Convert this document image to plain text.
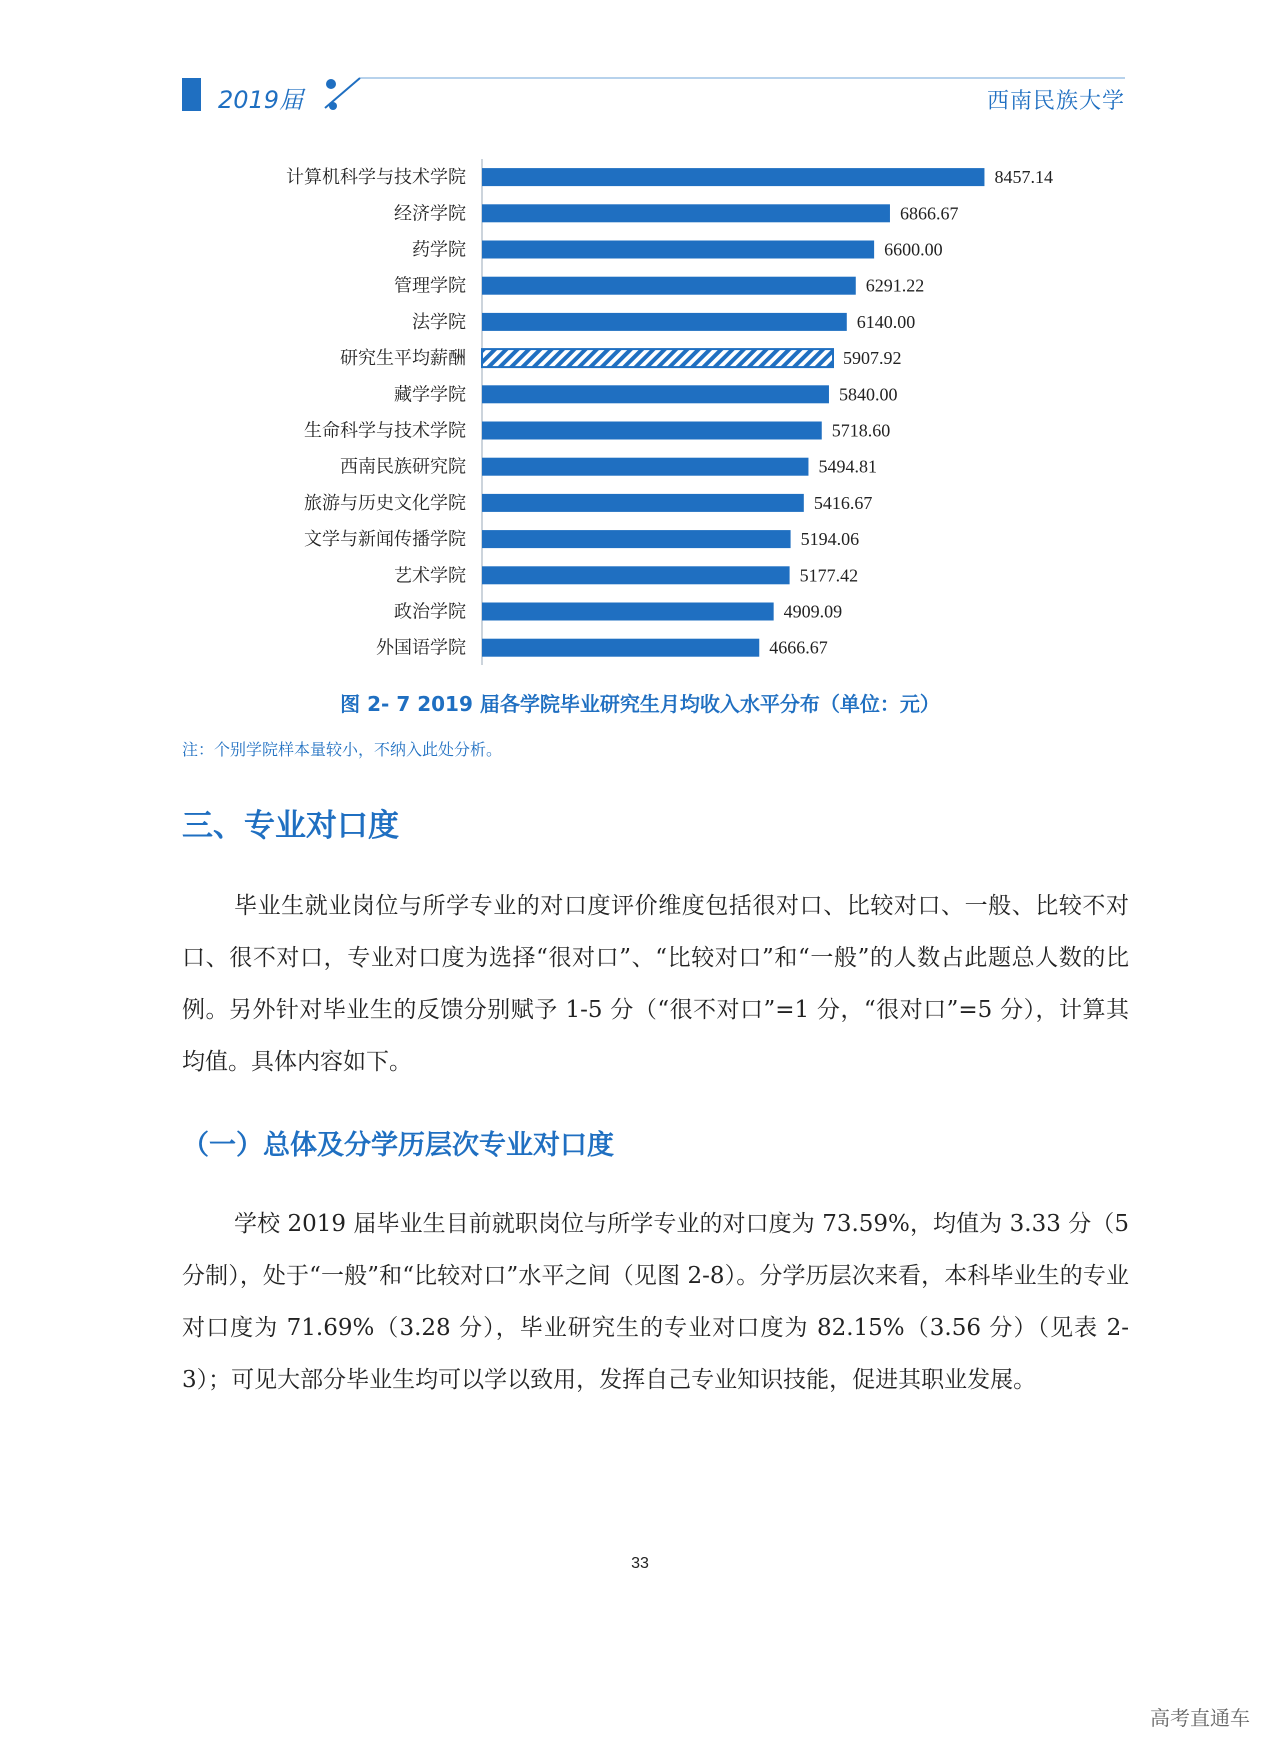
2019届	西南民族大学
计算机科学与技术学院	8457.14
经济学院	6866.67
药学院	6600.00
管理学院	6291.22
法学院	6140.00
研究生平均薪酬	5907.92
藏学学院	5840.00
生命科学与技术学院	5718.60
西南民族研究院	5494.81
旅游与历史文化学院	5416.67
文学与新闻传播学院	5194.06
艺术学院	5177.42
政治学院	4909.09
外国语学院	4666.67
图 2- 7 2019 届各学院毕业研究生月均收入水平分布（单位：元）
注：个别学院样本量较小，不纳入此处分析。
三、专业对口度

毕业生就业岗位与所学专业的对口度评价维度包括很对口、比较对口、一般、比较不对口、很不对口，专业对口度为选择“很对口”、“比较对口”和“一般”的人数占此题总人数的比例。另外针对毕业生的反馈分别赋予 1-5 分（“很不对口”=1 分，“很对口”=5 分），计算其均值。具体内容如下。

（一）总体及分学历层次专业对口度

学校 2019 届毕业生目前就职岗位与所学专业的对口度为 73.59%，均值为 3.33 分（5 分制），处于“一般”和“比较对口”水平之间（见图 2-8）。分学历层次来看，本科毕业生的专业对口度为 71.69%（3.28 分），毕业研究生的专业对口度为 82.15%（3.56 分）（见表 2-3）；可见大部分毕业生均可以学以致用，发挥自己专业知识技能，促进其职业发展。

33
高考直通车
